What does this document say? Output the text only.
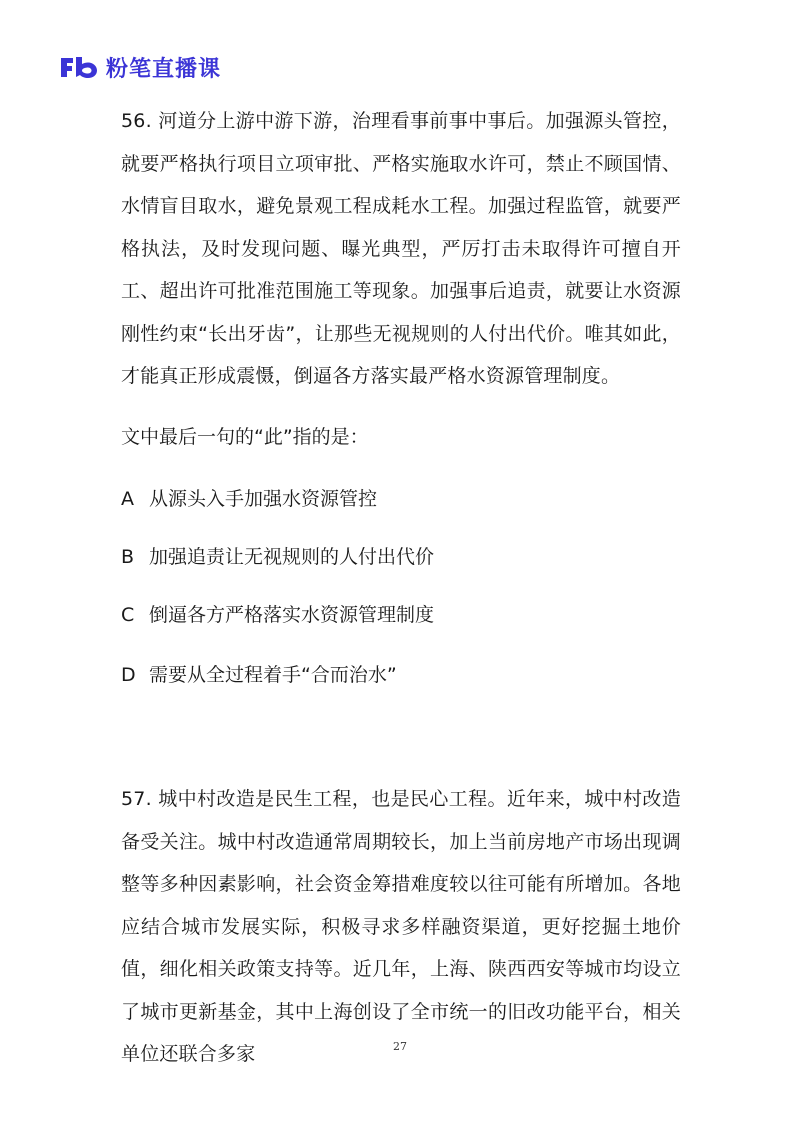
粉笔直播课

56. 河道分上游中游下游，治理看事前事中事后。加强源头管控，就要严格执行项目立项审批、严格实施取水许可，禁止不顾国情、水情盲目取水，避免景观工程成耗水工程。加强过程监管，就要严格执法，及时发现问题、曝光典型，严厉打击未取得许可擅自开工、超出许可批准范围施工等现象。加强事后追责，就要让水资源刚性约束“长出牙齿”，让那些无视规则的人付出代价。唯其如此，才能真正形成震慑，倒逼各方落实最严格水资源管理制度。

文中最后一句的“此”指的是：
A 从源头入手加强水资源管控
B 加强追责让无视规则的人付出代价
C 倒逼各方严格落实水资源管理制度
D 需要从全过程着手“合而治水”

57. 城中村改造是民生工程，也是民心工程。近年来，城中村改造备受关注。城中村改造通常周期较长，加上当前房地产市场出现调整等多种因素影响，社会资金筹措难度较以往可能有所增加。各地应结合城市发展实际，积极寻求多样融资渠道，更好挖掘土地价值，细化相关政策支持等。近几年，上海、陕西西安等城市均设立了城市更新基金，其中上海创设了全市统一的旧改功能平台，相关单位还联合多家	27
